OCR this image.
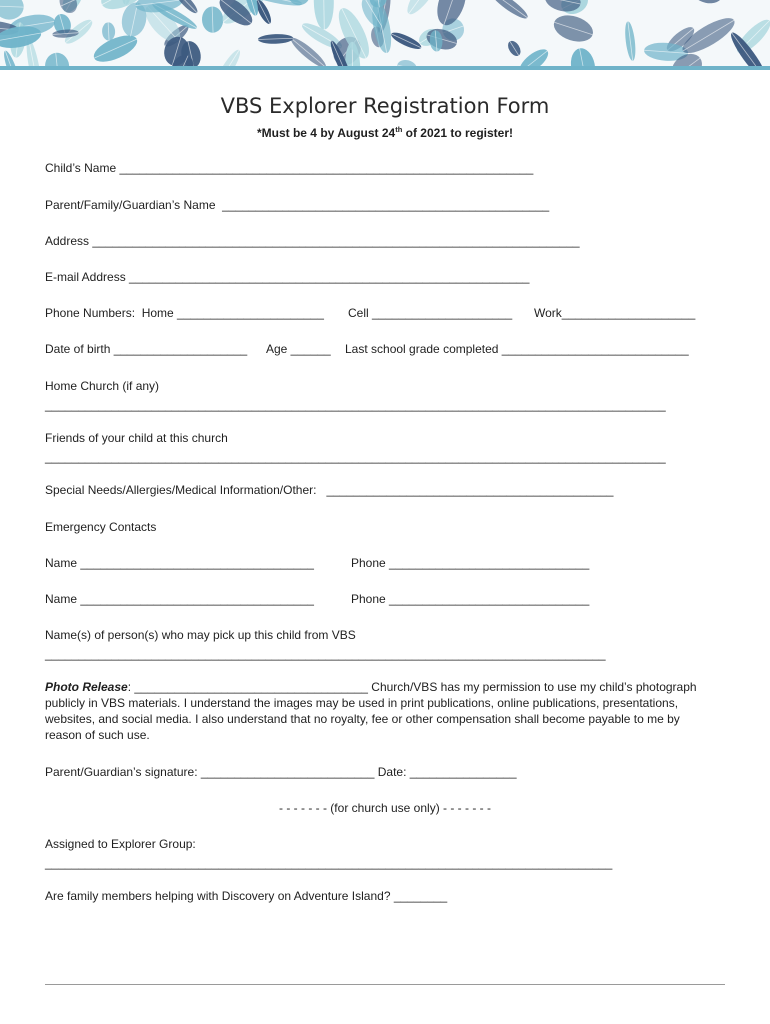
VBS Explorer Registration Form
*Must be 4 by August 24th of 2021 to register!
Child’s Name ______________________________________________________________
Parent/Family/Guardian’s Name  _________________________________________________
Address _________________________________________________________________________
E-mail Address ____________________________________________________________
Phone Numbers:  Home ______________________ Cell _____________________ Work____________________
Date of birth ____________________ Age ______ Last school grade completed ____________________________
Home Church (if any)
_____________________________________________________________________________________________
Friends of your child at this church
_____________________________________________________________________________________________
Special Needs/Allergies/Medical Information/Other:   ___________________________________________
Emergency Contacts
Name ___________________________________	Phone ______________________________
Name ___________________________________	Phone ______________________________
Name(s) of person(s) who may pick up this child from VBS
____________________________________________________________________________________
Photo Release: ___________________________________ Church/VBS has my permission to use my child’s photograph publicly in VBS materials. I understand the images may be used in print publications, online publications, presentations, websites, and social media. I also understand that no royalty, fee or other compensation shall become payable to me by reason of such use.
Parent/Guardian’s signature: __________________________ Date: ________________
- - - - - - - (for church use only) - - - - - - -
Assigned to Explorer Group:
_____________________________________________________________________________________
Are family members helping with Discovery on Adventure Island? ________
